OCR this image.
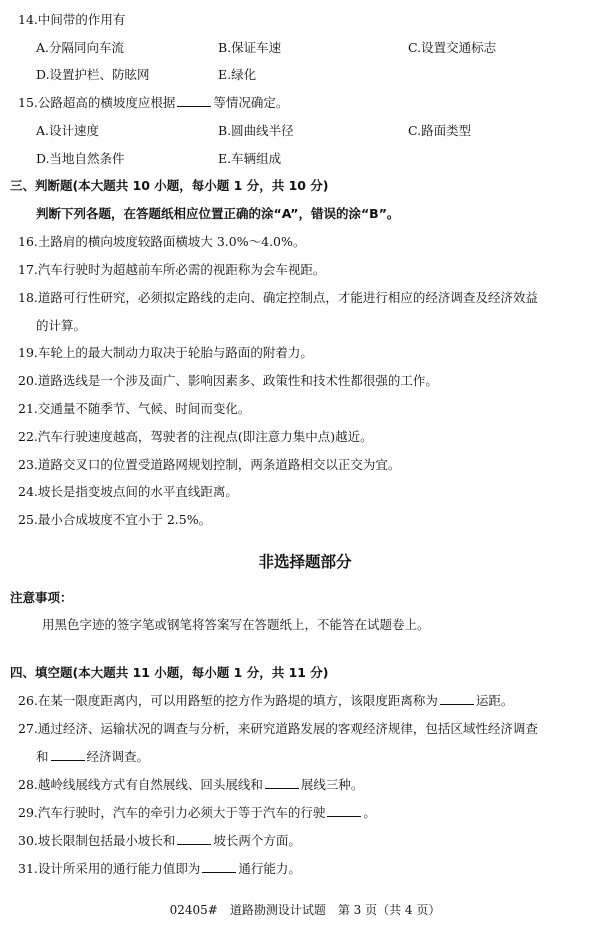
14.中间带的作用有
A.分隔同向车流	B.保证车速	C.设置交通标志
D.设置护栏、防眩网	E.绿化
15.公路超高的横坡度应根据	等情况确定。
A.设计速度	B.圆曲线半径	C.路面类型
D.当地自然条件	E.车辆组成
三、判断题(本大题共 10 小题，每小题 1 分，共 10 分)
判断下列各题，在答题纸相应位置正确的涂“A”，错误的涂“B”。
16.土路肩的横向坡度较路面横坡大 3.0%～4.0%。
17.汽车行驶时为超越前车所必需的视距称为会车视距。
18.道路可行性研究，必须拟定路线的走向、确定控制点，才能进行相应的经济调查及经济效益
的计算。
19.车轮上的最大制动力取决于轮胎与路面的附着力。
20.道路选线是一个涉及面广、影响因素多、政策性和技术性都很强的工作。
21.交通量不随季节、气候、时间而变化。
22.汽车行驶速度越高，驾驶者的注视点(即注意力集中点)越近。
23.道路交叉口的位置受道路网规划控制，两条道路相交以正交为宜。
24.坡长是指变坡点间的水平直线距离。
25.最小合成坡度不宜小于 2.5%。
非选择题部分
注意事项：
用黑色字迹的签字笔或钢笔将答案写在答题纸上，不能答在试题卷上。
四、填空题(本大题共 11 小题，每小题 1 分，共 11 分)
26.在某一限度距离内，可以用路堑的挖方作为路堤的填方，该限度距离称为	运距。
27.通过经济、运输状况的调查与分析，来研究道路发展的客观经济规律，包括区域性经济调查
和	经济调查。
28.越岭线展线方式有自然展线、回头展线和	展线三种。
29.汽车行驶时，汽车的牵引力必须大于等于汽车的行驶	。
30.坡长限制包括最小坡长和	坡长两个方面。
31.设计所采用的通行能力值即为	通行能力。
02405#　道路勘测设计试题　第 3 页（共 4 页）
